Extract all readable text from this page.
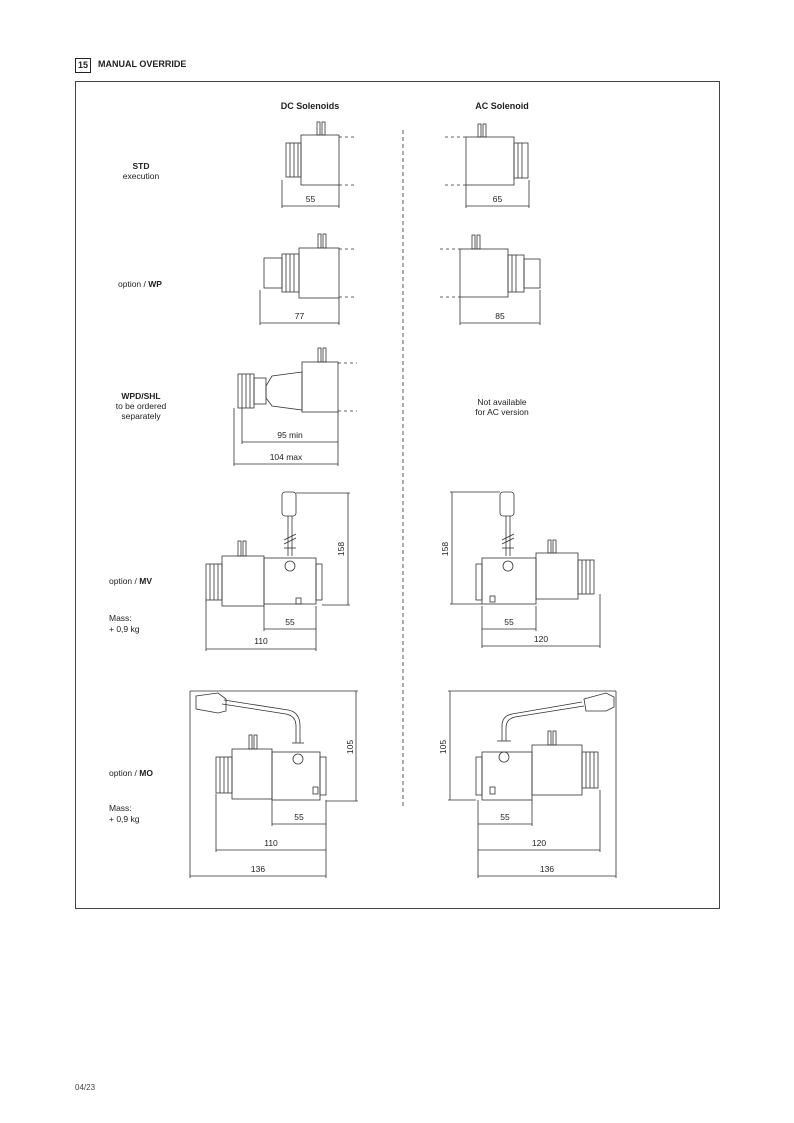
15	MANUAL OVERRIDE
DC Solenoids	AC Solenoid
STD
execution
option / WP
WPD/SHL
to be ordered
separately
option / MV
Mass:
+ 0,9 kg
option / MO
Mass:
+ 0,9 kg
55	65
77	85
95 min
104 max
Not available
for AC version
55
110
158
55
120
158
55
110
136
105
55
120
136
105
04/23
